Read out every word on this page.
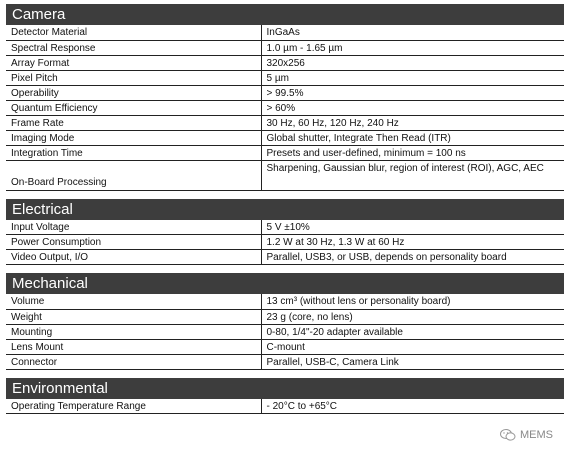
Camera
Detector Material	InGaAs
Spectral Response	1.0 µm - 1.65 µm
Array Format	320x256
Pixel Pitch	5 µm
Operability	> 99.5%
Quantum Efficiency	> 60%
Frame Rate	30 Hz, 60 Hz, 120 Hz, 240 Hz
Imaging Mode	Global shutter, Integrate Then Read (ITR)
Integration Time	Presets and user-defined, minimum = 100 ns
On-Board Processing	Sharpening, Gaussian blur, region of interest (ROI), AGC, AEC
Electrical
Input Voltage	5 V ±10%
Power Consumption	1.2 W at 30 Hz, 1.3 W at 60 Hz
Video Output, I/O	Parallel, USB3, or USB, depends on personality board
Mechanical
Volume	13 cm³ (without lens or personality board)
Weight	23 g (core, no lens)
Mounting	0-80, 1/4"-20 adapter available
Lens Mount	C-mount
Connector	Parallel, USB-C, Camera Link
Environmental
Operating Temperature Range	- 20°C to +65°C
MEMS
